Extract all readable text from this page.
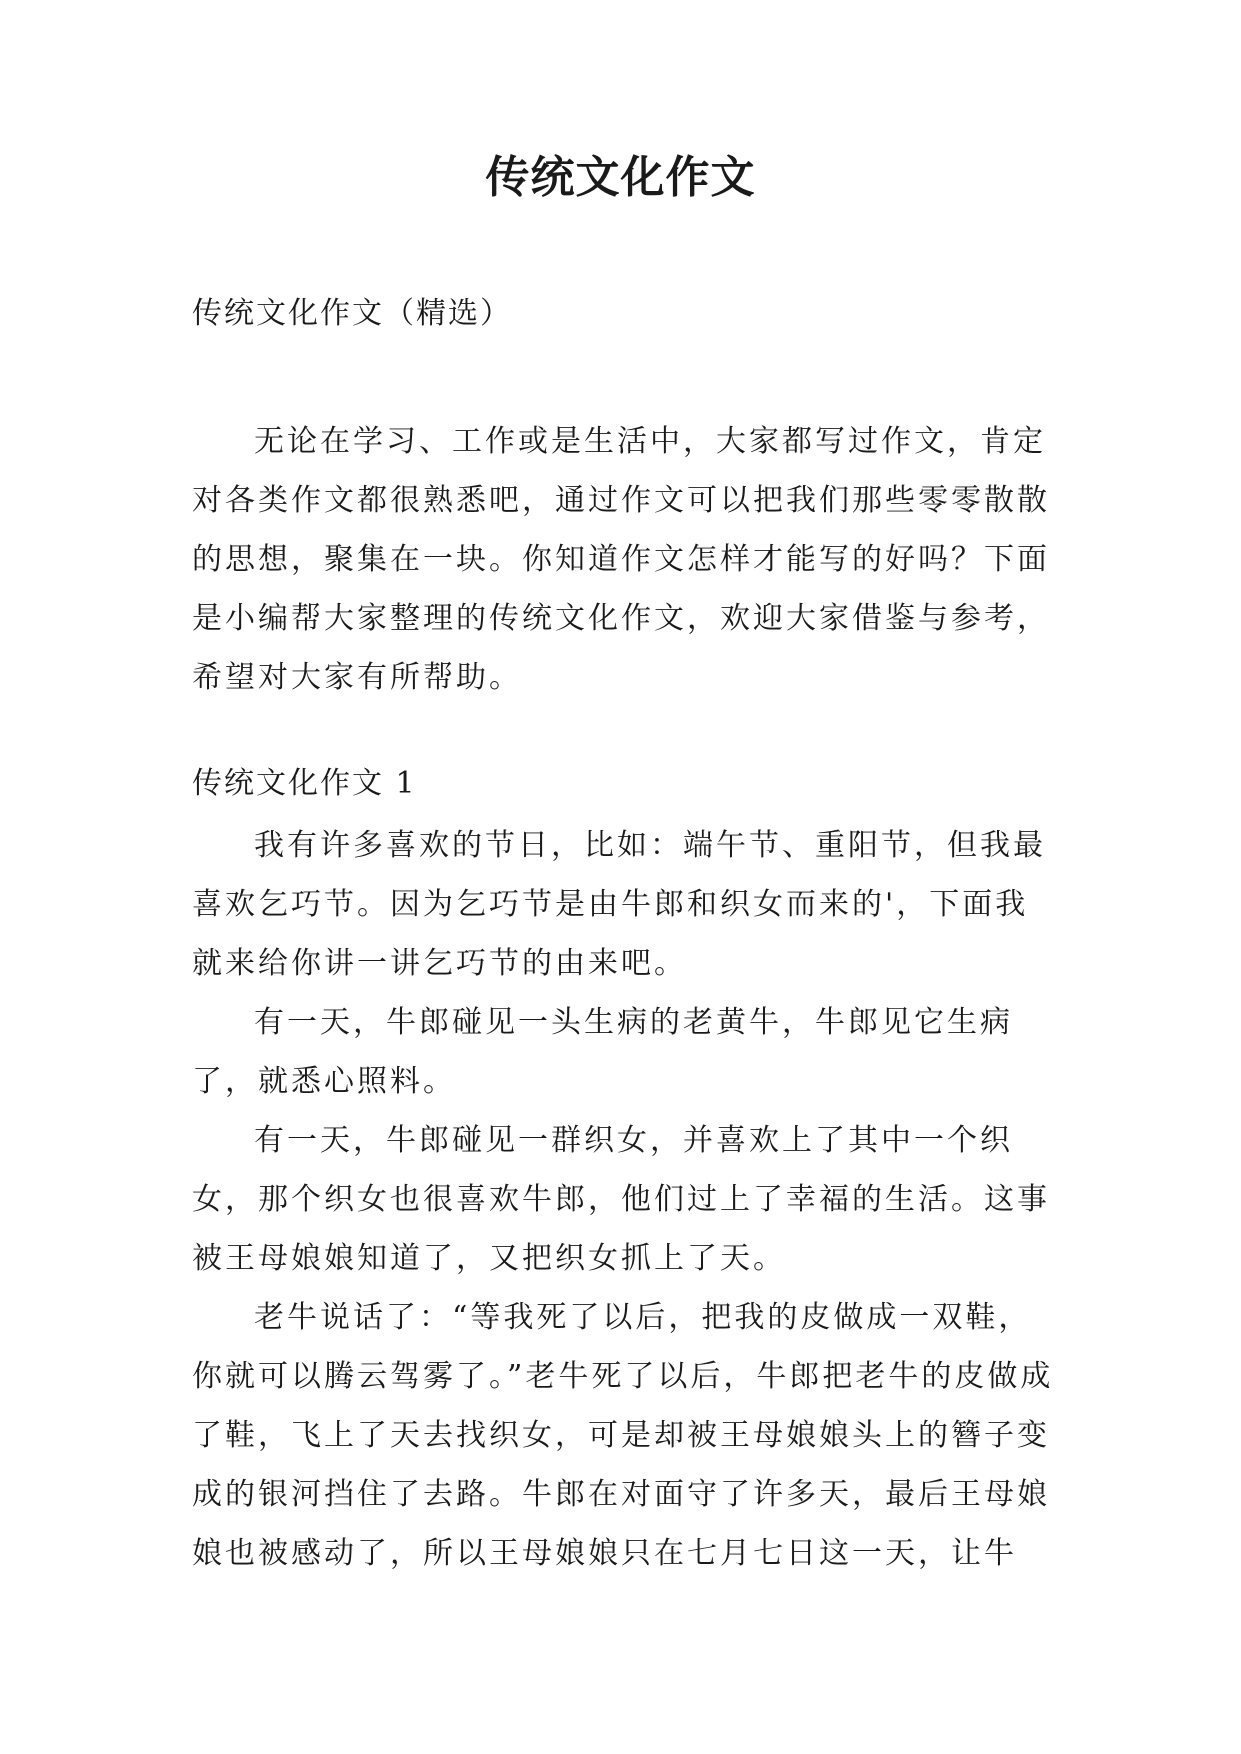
传统文化作文

传统文化作文（精选）

无论在学习、工作或是生活中，大家都写过作文，肯定对各类作文都很熟悉吧，通过作文可以把我们那些零零散散的思想，聚集在一块。你知道作文怎样才能写的好吗？下面是小编帮大家整理的传统文化作文，欢迎大家借鉴与参考，希望对大家有所帮助。

传统文化作文 1

我有许多喜欢的节日，比如：端午节、重阳节，但我最喜欢乞巧节。因为乞巧节是由牛郎和织女而来的'，下面我就来给你讲一讲乞巧节的由来吧。

有一天，牛郎碰见一头生病的老黄牛，牛郎见它生病了，就悉心照料。

有一天，牛郎碰见一群织女，并喜欢上了其中一个织女，那个织女也很喜欢牛郎，他们过上了幸福的生活。这事被王母娘娘知道了，又把织女抓上了天。

老牛说话了：“等我死了以后，把我的皮做成一双鞋，你就可以腾云驾雾了。”老牛死了以后，牛郎把老牛的皮做成了鞋，飞上了天去找织女，可是却被王母娘娘头上的簪子变成的银河挡住了去路。牛郎在对面守了许多天，最后王母娘娘也被感动了，所以王母娘娘只在七月七日这一天，让牛
